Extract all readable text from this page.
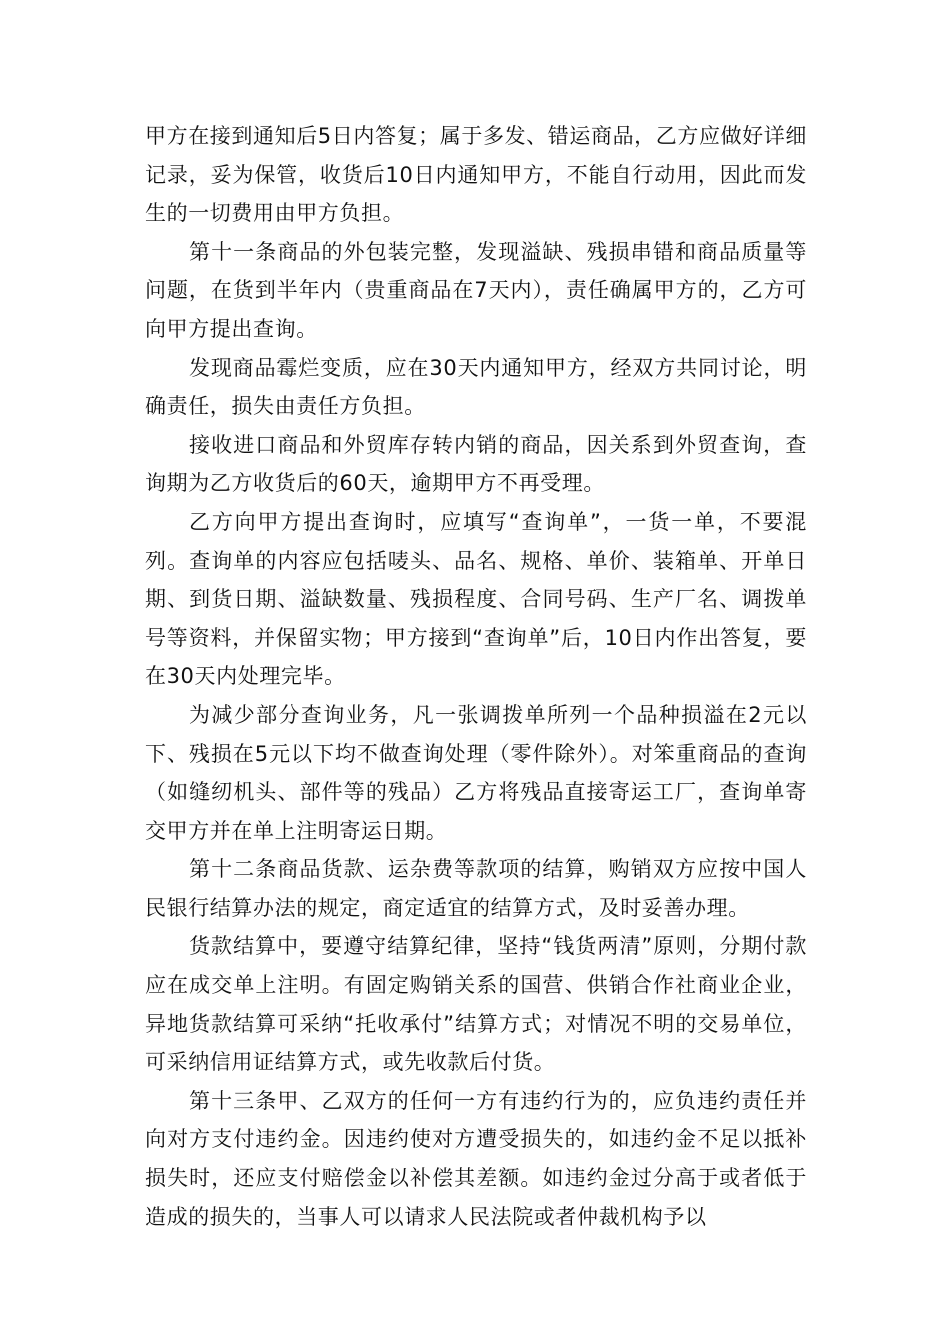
甲方在接到通知后5日内答复；属于多发、错运商品，乙方应做好详细记录，妥为保管，收货后10日内通知甲方，不能自行动用，因此而发生的一切费用由甲方负担。

第十一条商品的外包装完整，发现溢缺、残损串错和商品质量等问题，在货到半年内（贵重商品在7天内），责任确属甲方的，乙方可向甲方提出查询。

发现商品霉烂变质，应在30天内通知甲方，经双方共同讨论，明确责任，损失由责任方负担。

接收进口商品和外贸库存转内销的商品，因关系到外贸查询，查询期为乙方收货后的60天，逾期甲方不再受理。

乙方向甲方提出查询时，应填写“查询单”，一货一单，不要混列。查询单的内容应包括唛头、品名、规格、单价、装箱单、开单日期、到货日期、溢缺数量、残损程度、合同号码、生产厂名、调拨单号等资料，并保留实物；甲方接到“查询单”后，10日内作出答复，要在30天内处理完毕。

为减少部分查询业务，凡一张调拨单所列一个品种损溢在2元以下、残损在5元以下均不做查询处理（零件除外）。对笨重商品的查询（如缝纫机头、部件等的残品）乙方将残品直接寄运工厂，查询单寄交甲方并在单上注明寄运日期。

第十二条商品货款、运杂费等款项的结算，购销双方应按中国人民银行结算办法的规定，商定适宜的结算方式，及时妥善办理。

货款结算中，要遵守结算纪律，坚持“钱货两清”原则，分期付款应在成交单上注明。有固定购销关系的国营、供销合作社商业企业，异地货款结算可采纳“托收承付”结算方式；对情况不明的交易单位，可采纳信用证结算方式，或先收款后付货。

第十三条甲、乙双方的任何一方有违约行为的，应负违约责任并向对方支付违约金。因违约使对方遭受损失的，如违约金不足以抵补损失时，还应支付赔偿金以补偿其差额。如违约金过分高于或者低于造成的损失的，当事人可以请求人民法院或者仲裁机构予以
